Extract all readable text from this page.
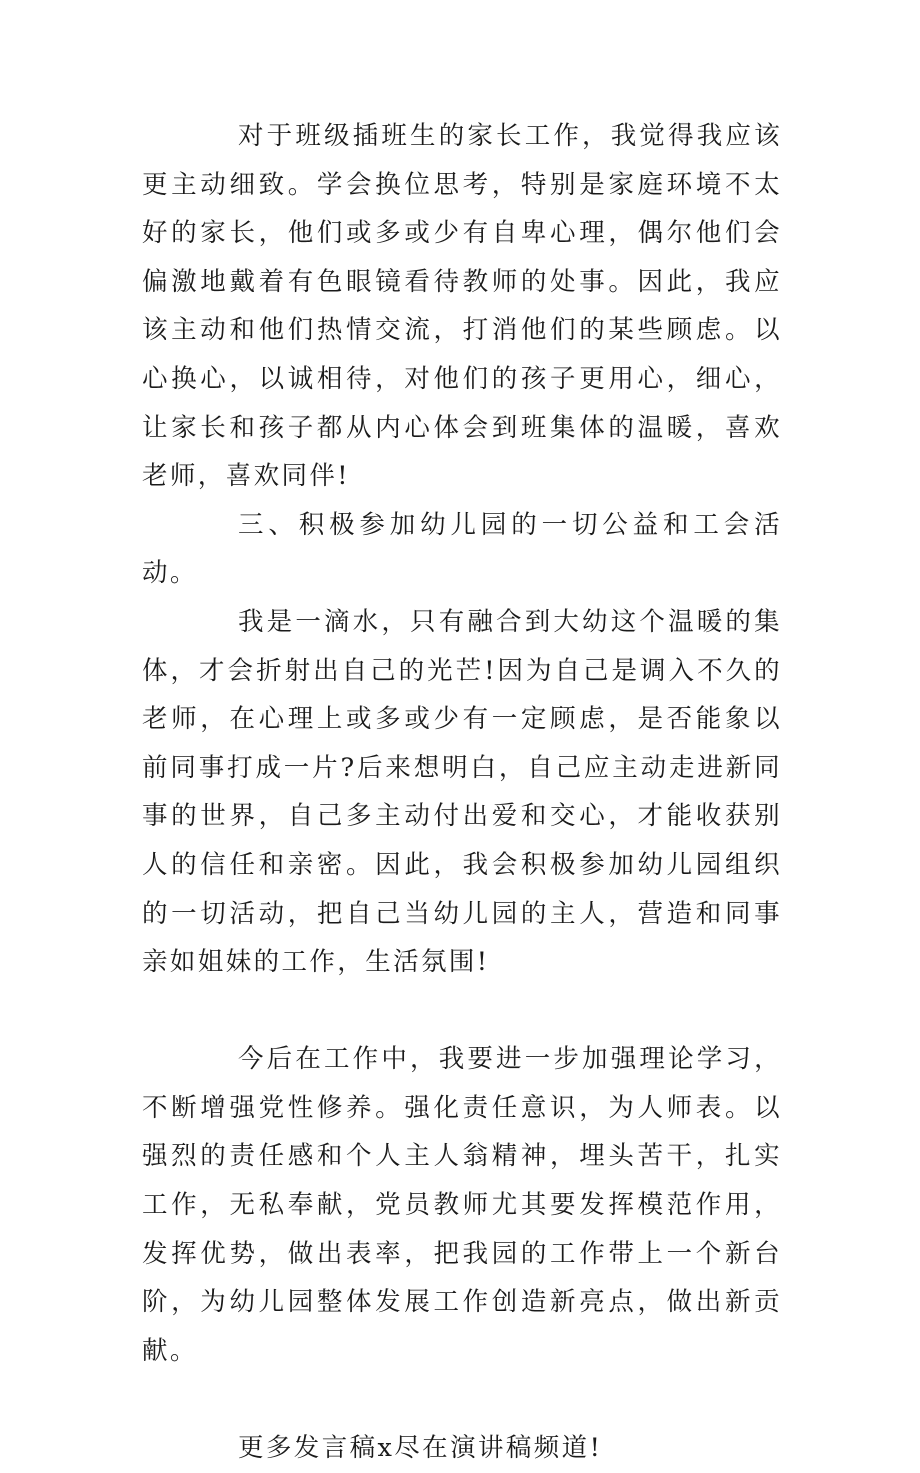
对于班级插班生的家长工作，我觉得我应该更主动细致。学会换位思考，特别是家庭环境不太好的家长，他们或多或少有自卑心理，偶尔他们会偏激地戴着有色眼镜看待教师的处事。因此，我应该主动和他们热情交流，打消他们的某些顾虑。以心换心，以诚相待，对他们的孩子更用心，细心，让家长和孩子都从内心体会到班集体的温暖，喜欢老师，喜欢同伴!

三、积极参加幼儿园的一切公益和工会活动。

我是一滴水，只有融合到大幼这个温暖的集体，才会折射出自己的光芒!因为自己是调入不久的老师，在心理上或多或少有一定顾虑，是否能象以前同事打成一片?后来想明白，自己应主动走进新同事的世界，自己多主动付出爱和交心，才能收获别人的信任和亲密。因此，我会积极参加幼儿园组织的一切活动，把自己当幼儿园的主人，营造和同事亲如姐妹的工作，生活氛围!

今后在工作中，我要进一步加强理论学习，不断增强党性修养。强化责任意识，为人师表。以强烈的责任感和个人主人翁精神，埋头苦干，扎实工作，无私奉献，党员教师尤其要发挥模范作用，发挥优势，做出表率，把我园的工作带上一个新台阶，为幼儿园整体发展工作创造新亮点，做出新贡献。

更多发言稿x尽在演讲稿频道!
